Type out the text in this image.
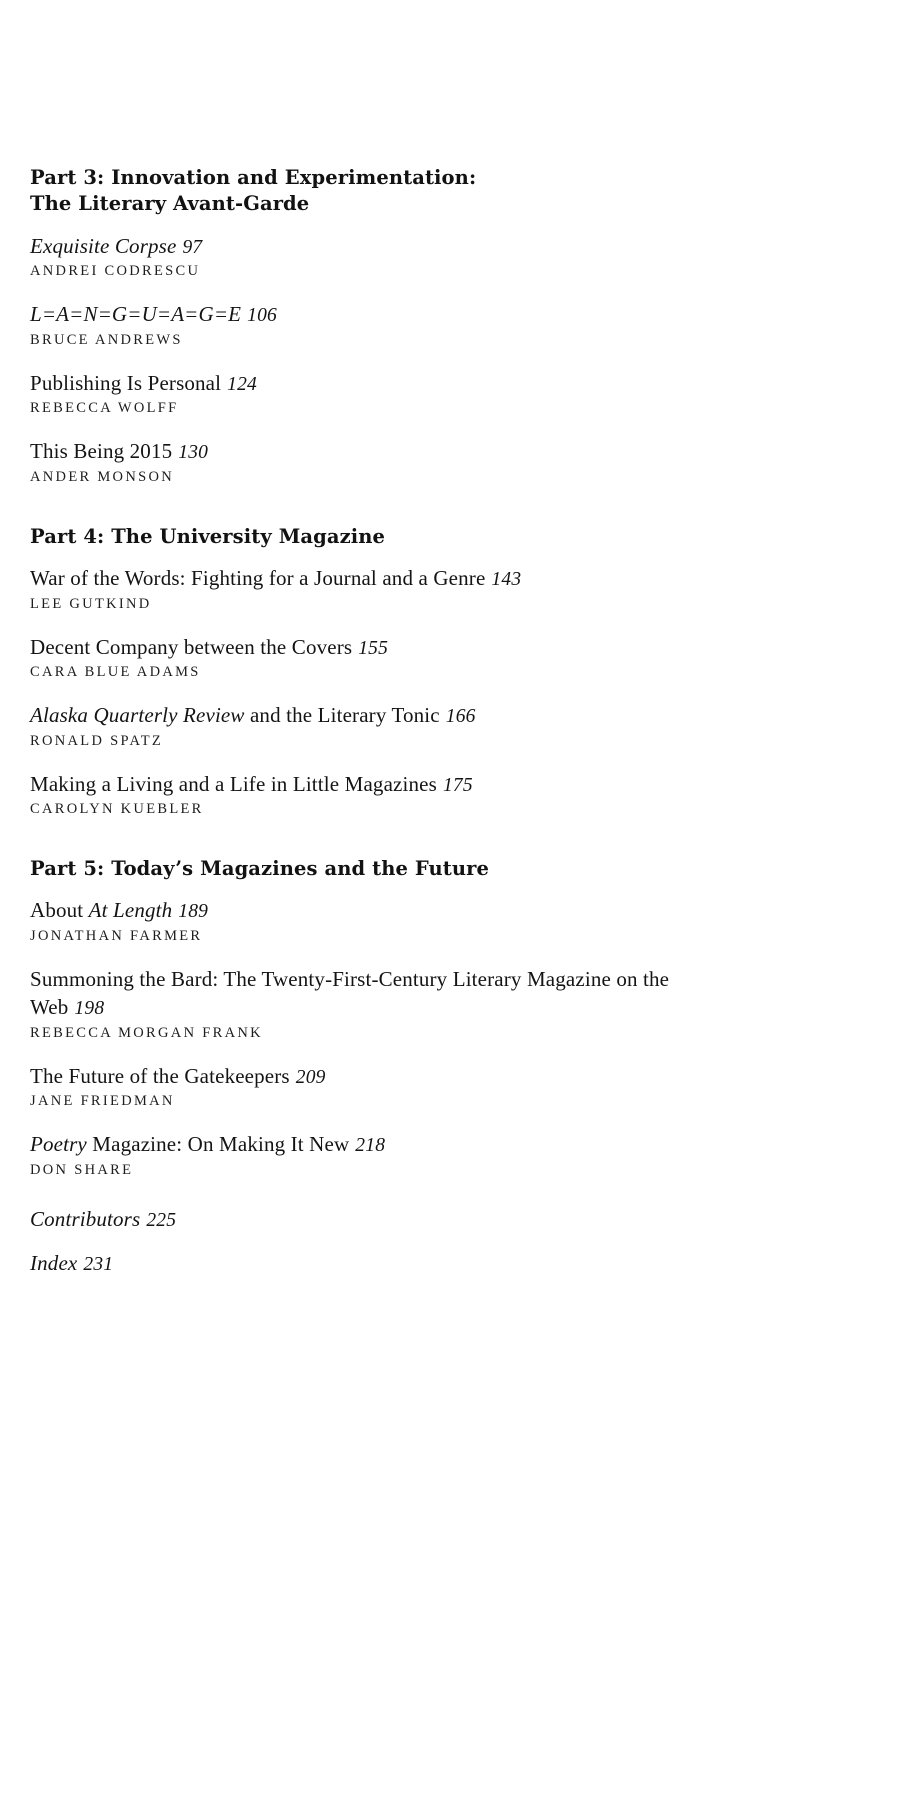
Part 3: Innovation and Experimentation:
The Literary Avant-Garde
Exquisite Corpse 97
ANDREI CODRESCU
L=A=N=G=U=A=G=E 106
BRUCE ANDREWS
Publishing Is Personal 124
REBECCA WOLFF
This Being 2015 130
ANDER MONSON
Part 4: The University Magazine
War of the Words: Fighting for a Journal and a Genre 143
LEE GUTKIND
Decent Company between the Covers 155
CARA BLUE ADAMS
Alaska Quarterly Review and the Literary Tonic 166
RONALD SPATZ
Making a Living and a Life in Little Magazines 175
CAROLYN KUEBLER
Part 5: Today’s Magazines and the Future
About At Length 189
JONATHAN FARMER
Summoning the Bard: The Twenty-First-Century Literary Magazine on the Web 198
REBECCA MORGAN FRANK
The Future of the Gatekeepers 209
JANE FRIEDMAN
Poetry Magazine: On Making It New 218
DON SHARE
Contributors 225
Index 231
